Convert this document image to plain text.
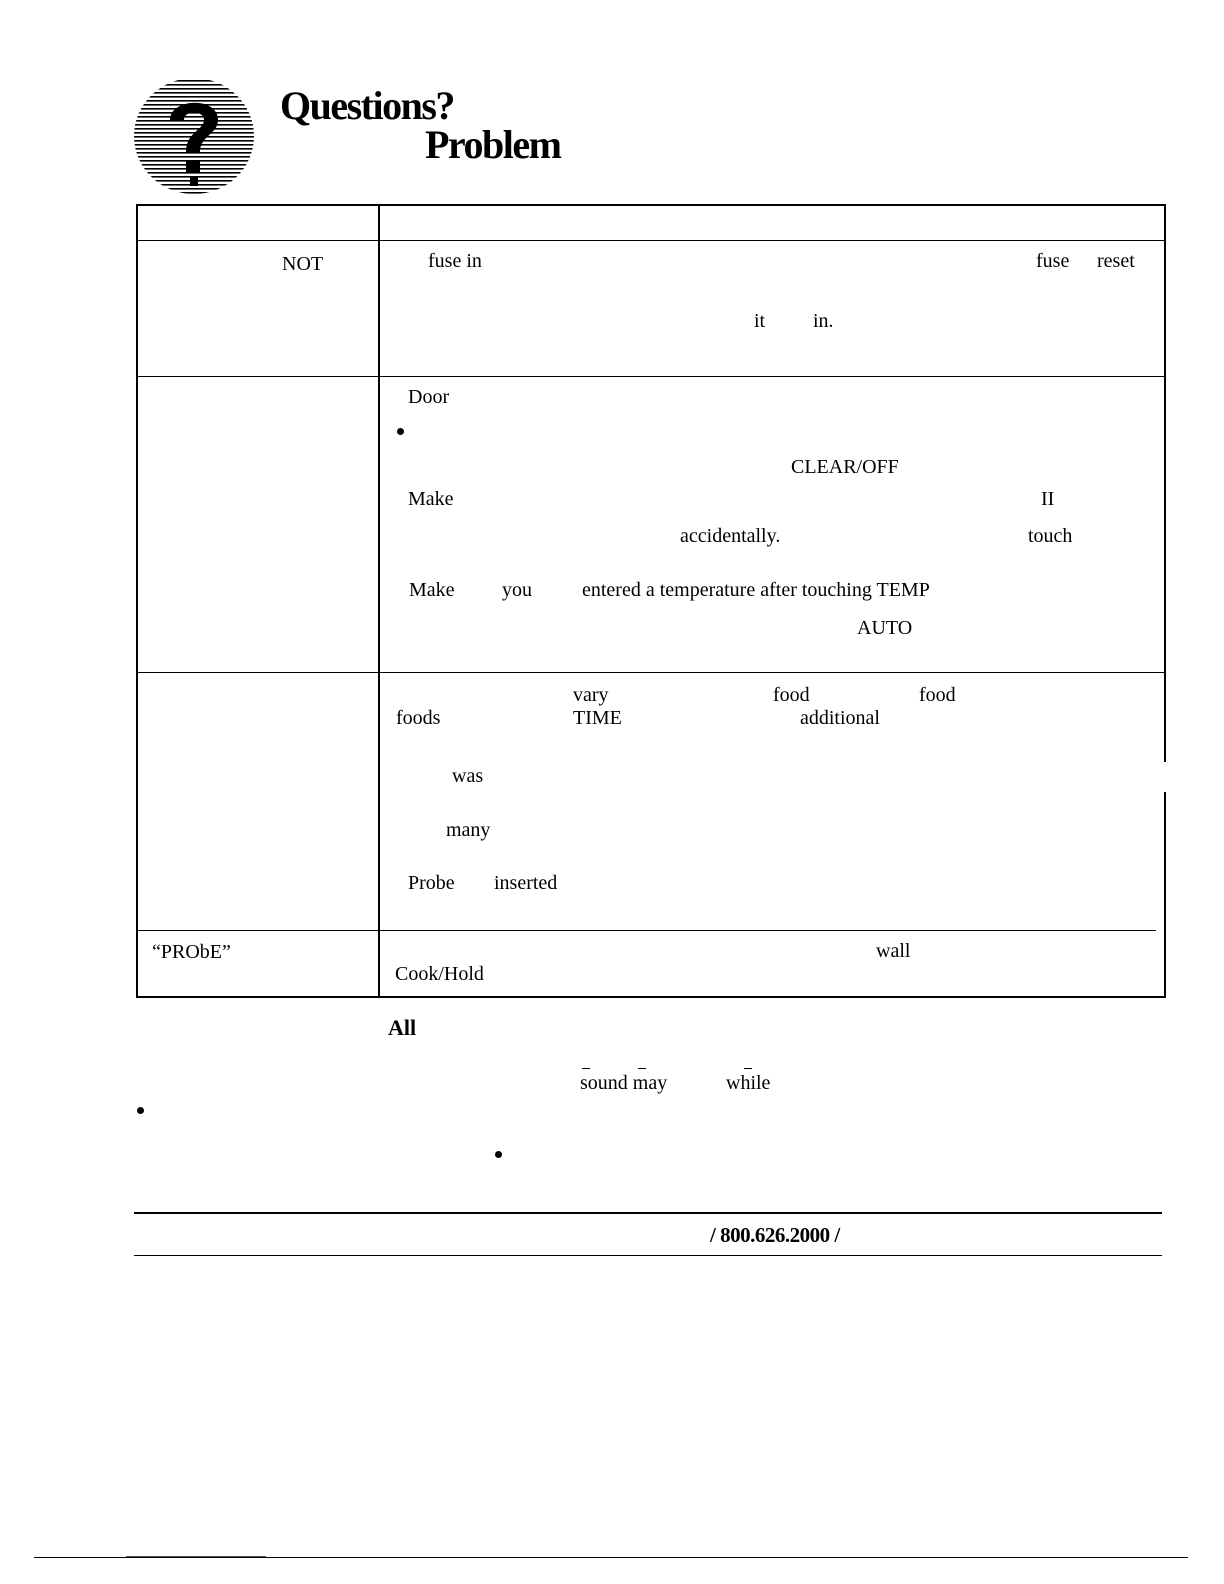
Questions?
Problem
NOT	fuse in	fuse reset
it in.
Door
CLEAR/OFF
Make	II
accidentally.	touch
Make you	entered a temperature after touching TEMP
AUTO
vary	food	food
foods	TIME	additional
was
many
Probe inserted
“PRObE”	wall
Cook/Hold
All
sound may	while
/ 800.626.2000 /
